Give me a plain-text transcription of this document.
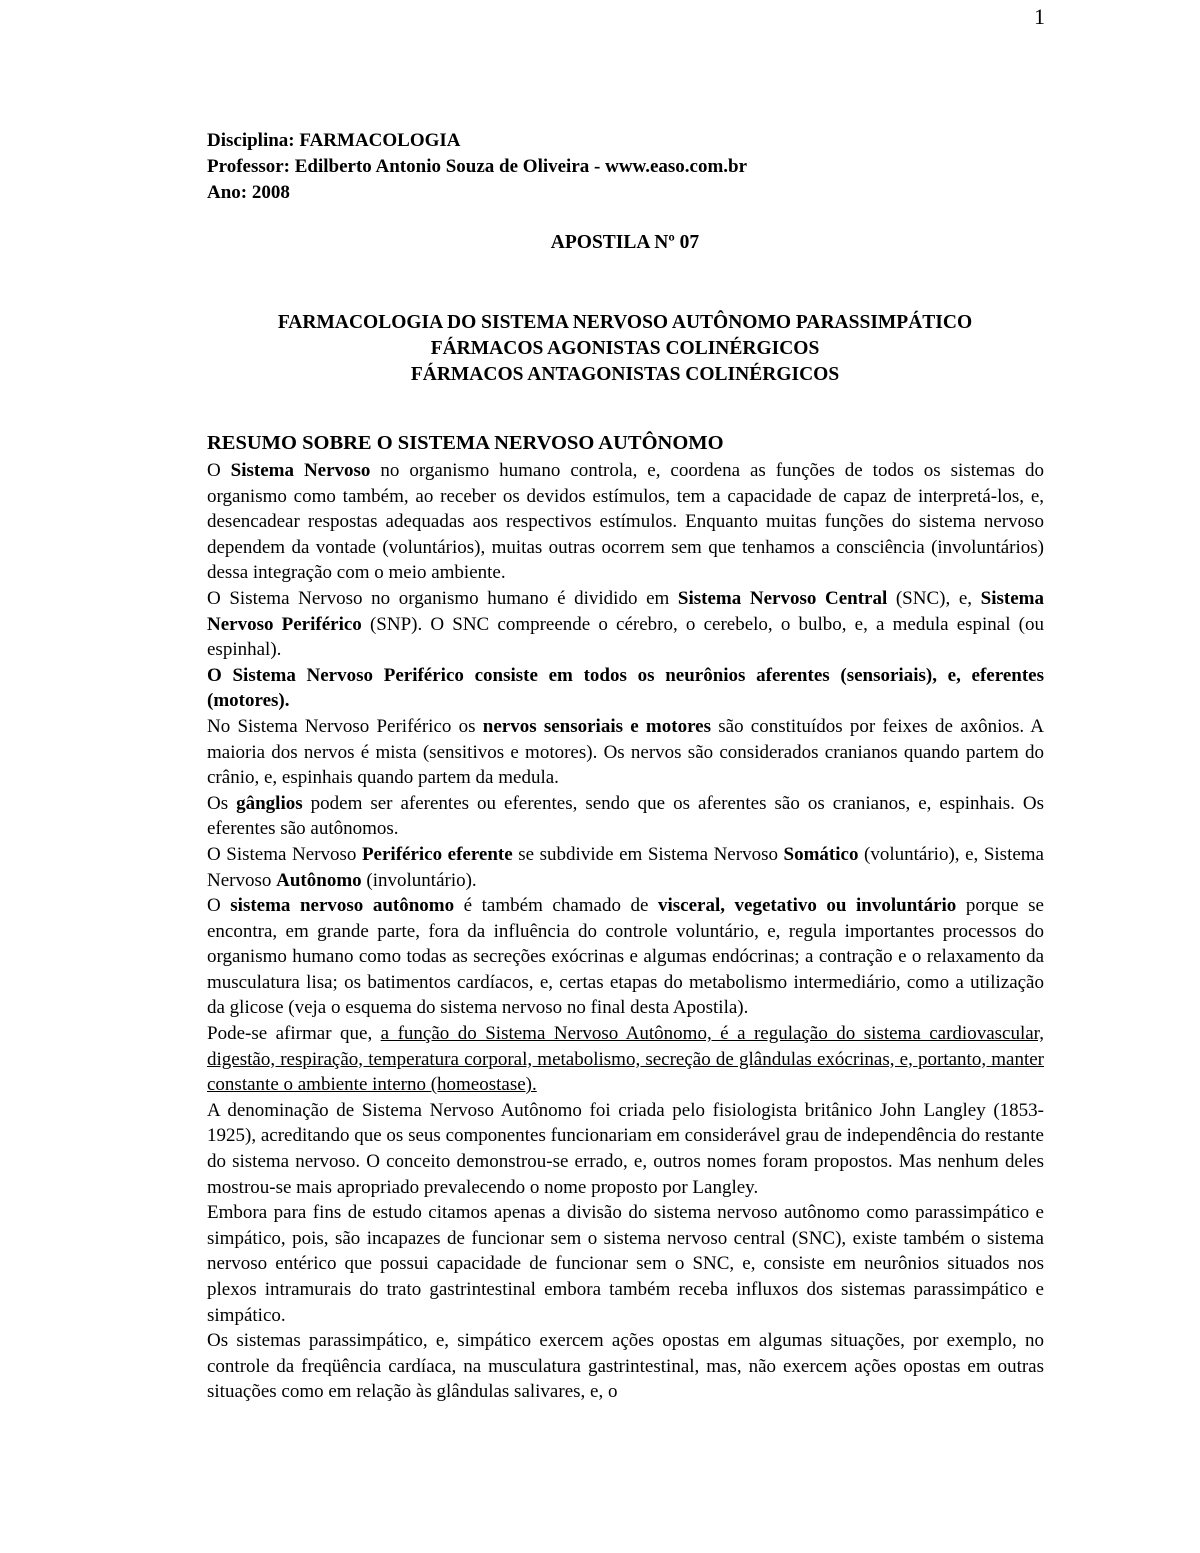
1
Disciplina: FARMACOLOGIA
Professor: Edilberto Antonio Souza de Oliveira - www.easo.com.br
Ano: 2008
APOSTILA Nº 07
FARMACOLOGIA DO SISTEMA NERVOSO AUTÔNOMO PARASSIMPÁTICO
FÁRMACOS AGONISTAS COLINÉRGICOS
FÁRMACOS ANTAGONISTAS COLINÉRGICOS
RESUMO SOBRE O SISTEMA NERVOSO AUTÔNOMO

O Sistema Nervoso no organismo humano controla, e, coordena as funções de todos os sistemas do organismo como também, ao receber os devidos estímulos, tem a capacidade de capaz de interpretá-los, e, desencadear respostas adequadas aos respectivos estímulos. Enquanto muitas funções do sistema nervoso dependem da vontade (voluntários), muitas outras ocorrem sem que tenhamos a consciência (involuntários) dessa integração com o meio ambiente.

O Sistema Nervoso no organismo humano é dividido em Sistema Nervoso Central (SNC), e, Sistema Nervoso Periférico (SNP). O SNC compreende o cérebro, o cerebelo, o bulbo, e, a medula espinal (ou espinhal).

O Sistema Nervoso Periférico consiste em todos os neurônios aferentes (sensoriais), e, eferentes (motores).

No Sistema Nervoso Periférico os nervos sensoriais e motores são constituídos por feixes de axônios. A maioria dos nervos é mista (sensitivos e motores). Os nervos são considerados cranianos quando partem do crânio, e, espinhais quando partem da medula.

Os gânglios podem ser aferentes ou eferentes, sendo que os aferentes são os cranianos, e, espinhais. Os eferentes são autônomos.

O Sistema Nervoso Periférico eferente se subdivide em Sistema Nervoso Somático (voluntário), e, Sistema Nervoso Autônomo (involuntário).

O sistema nervoso autônomo é também chamado de visceral, vegetativo ou involuntário porque se encontra, em grande parte, fora da influência do controle voluntário, e, regula importantes processos do organismo humano como todas as secreções exócrinas e algumas endócrinas; a contração e o relaxamento da musculatura lisa; os batimentos cardíacos, e, certas etapas do metabolismo intermediário, como a utilização da glicose (veja o esquema do sistema nervoso no final desta Apostila).

Pode-se afirmar que, a função do Sistema Nervoso Autônomo, é a regulação do sistema cardiovascular, digestão, respiração, temperatura corporal, metabolismo, secreção de glândulas exócrinas, e, portanto, manter constante o ambiente interno (homeostase).

A denominação de Sistema Nervoso Autônomo foi criada pelo fisiologista britânico John Langley (1853-1925), acreditando que os seus componentes funcionariam em considerável grau de independência do restante do sistema nervoso. O conceito demonstrou-se errado, e, outros nomes foram propostos. Mas nenhum deles mostrou-se mais apropriado prevalecendo o nome proposto por Langley.

Embora para fins de estudo citamos apenas a divisão do sistema nervoso autônomo como parassimpático e simpático, pois, são incapazes de funcionar sem o sistema nervoso central (SNC), existe também o sistema nervoso entérico que possui capacidade de funcionar sem o SNC, e, consiste em neurônios situados nos plexos intramurais do trato gastrintestinal embora também receba influxos dos sistemas parassimpático e simpático.

Os sistemas parassimpático, e, simpático exercem ações opostas em algumas situações, por exemplo, no controle da freqüência cardíaca, na musculatura gastrintestinal, mas, não exercem ações opostas em outras situações como em relação às glândulas salivares, e, o
